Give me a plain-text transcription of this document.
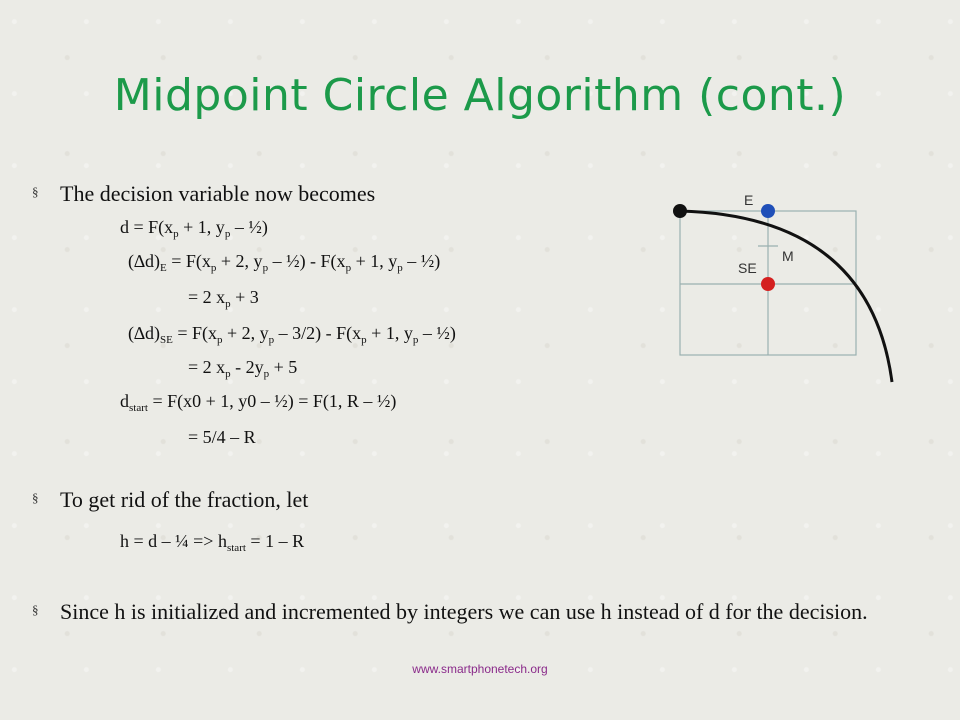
Midpoint Circle Algorithm (cont.)
§ The decision variable now becomes
$d = F(x_p + 1$, $y_p$ – ½)
$(\Delta d)_E = F(x_p + 2$, $y_p$ – ½) - $F(x_p + 1$, $y_p$ – ½)
= 2 $x_p + 3$
$(\Delta d)_{SE} = F(x_p + 2$, $y_p - 3/2) - F(x_p + 1$, $y_p$ – ½)
= 2 $x_p - 2y_p + 5$
$d_{start} = F(x0 + 1$, y0 – ½) = F(1, R – ½)
= 5/4 – R
§ To get rid of the fraction, let
h = d – ¼ => $h_{start} = 1 - R$
§ Since h is initialized and incremented by integers we can use h instead of d for the decision.
E
SE
M
www.smartphonetech.org
